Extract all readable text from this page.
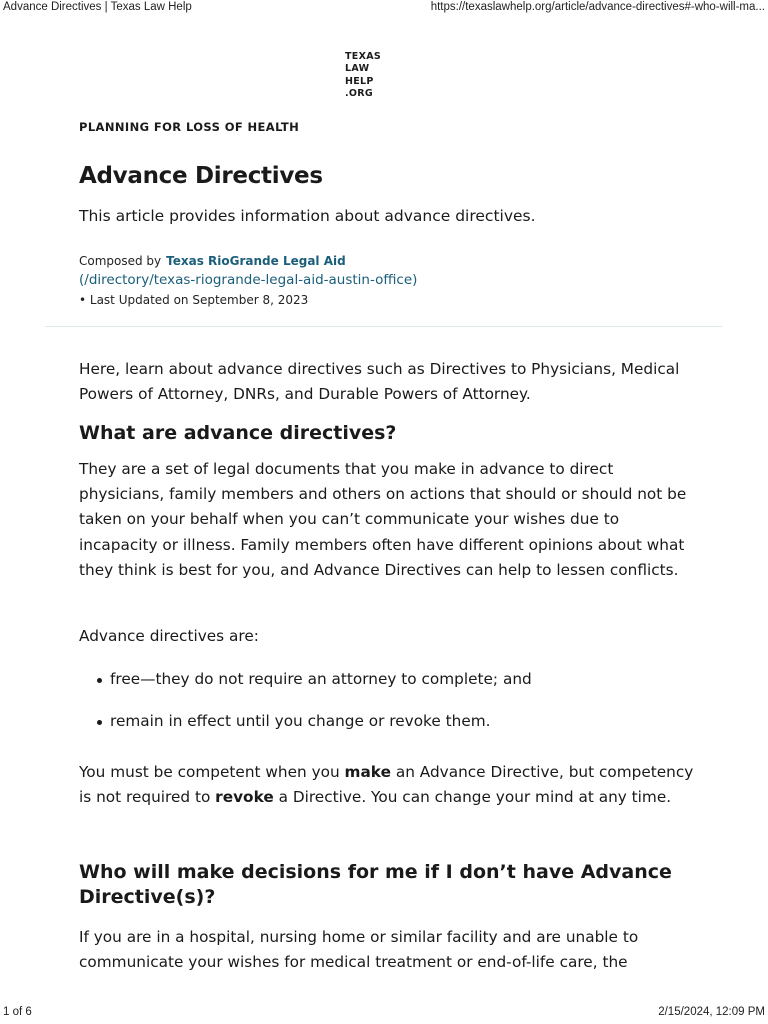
Advance Directives | Texas Law Help	https://texaslawhelp.org/article/advance-directives#-who-will-ma...
TEXAS
LAW
HELP
.ORG
PLANNING FOR LOSS OF HEALTH
Advance Directives
This article provides information about advance directives.
Composed by Texas RioGrande Legal Aid
(/directory/texas-riogrande-legal-aid-austin-office)
• Last Updated on September 8, 2023

Here, learn about advance directives such as Directives to Physicians, Medical Powers of Attorney, DNRs, and Durable Powers of Attorney.

What are advance directives?

They are a set of legal documents that you make in advance to direct physicians, family members and others on actions that should or should not be taken on your behalf when you can’t communicate your wishes due to incapacity or illness. Family members often have different opinions about what they think is best for you, and Advance Directives can help to lessen conflicts.

Advance directives are:

free—they do not require an attorney to complete; and
remain in effect until you change or revoke them.

You must be competent when you make an Advance Directive, but competency is not required to revoke a Directive. You can change your mind at any time.

Who will make decisions for me if I don’t have Advance Directive(s)?

If you are in a hospital, nursing home or similar facility and are unable to communicate your wishes for medical treatment or end-of-life care, the

1 of 6	2/15/2024, 12:09 PM
